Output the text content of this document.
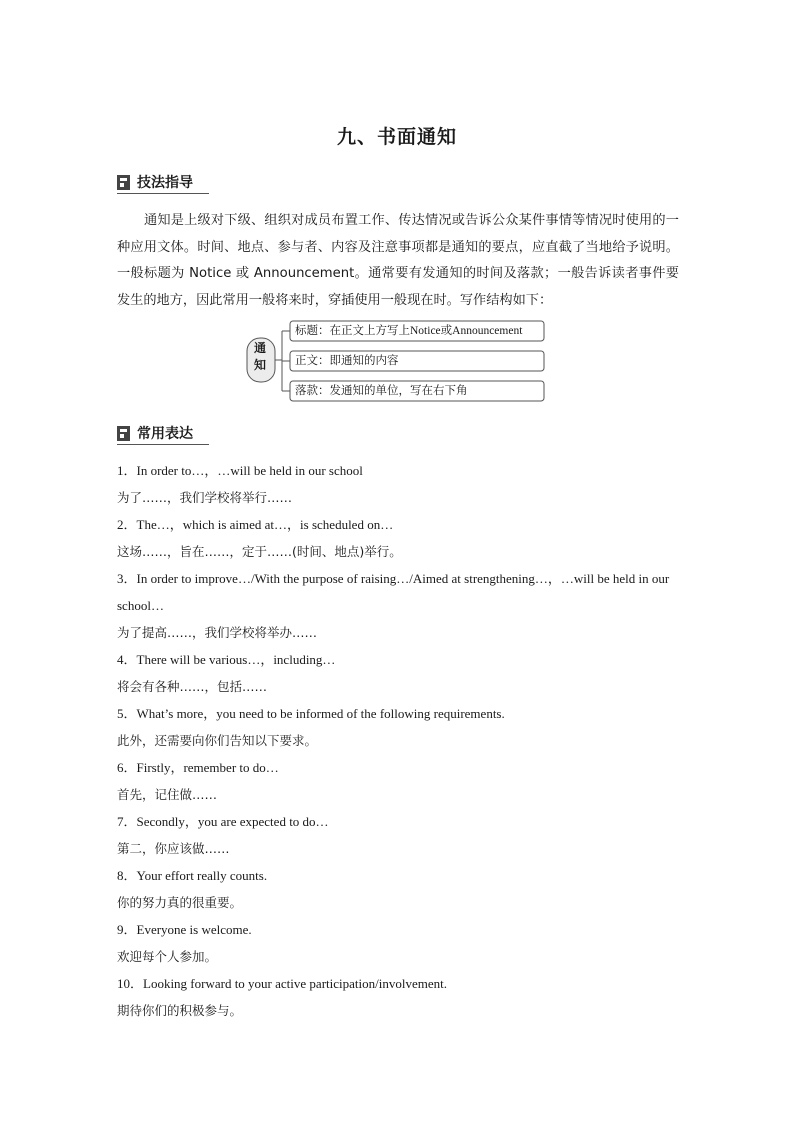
九、书面通知
技法指导
通知是上级对下级、组织对成员布置工作、传达情况或告诉公众某件事情等情况时使用的一种应用文体。时间、地点、参与者、内容及注意事项都是通知的要点，应直截了当地给予说明。一般标题为 Notice 或 Announcement。通常要有发通知的时间及落款；一般告诉读者事件要发生的地方，因此常用一般将来时，穿插使用一般现在时。写作结构如下：
通
知
标题：在正文上方写上Notice或Announcement
正文：即通知的内容
落款：发通知的单位，写在右下角
常用表达
1．In order to…，…will be held in our school
为了……，我们学校将举行……
2．The…，which is aimed at…，is scheduled on…
这场……，旨在……，定于……(时间、地点)举行。
3．In order to improve…/With the purpose of raising…/Aimed at strengthening…，…will be held in our school…
为了提高……，我们学校将举办……
4．There will be various…，including…
将会有各种……，包括……
5．What’s more，you need to be informed of the following requirements.
此外，还需要向你们告知以下要求。
6．Firstly，remember to do…
首先，记住做……
7．Secondly，you are expected to do…
第二，你应该做……
8．Your effort really counts.
你的努力真的很重要。
9．Everyone is welcome.
欢迎每个人参加。
10．Looking forward to your active participation/involvement.
期待你们的积极参与。
